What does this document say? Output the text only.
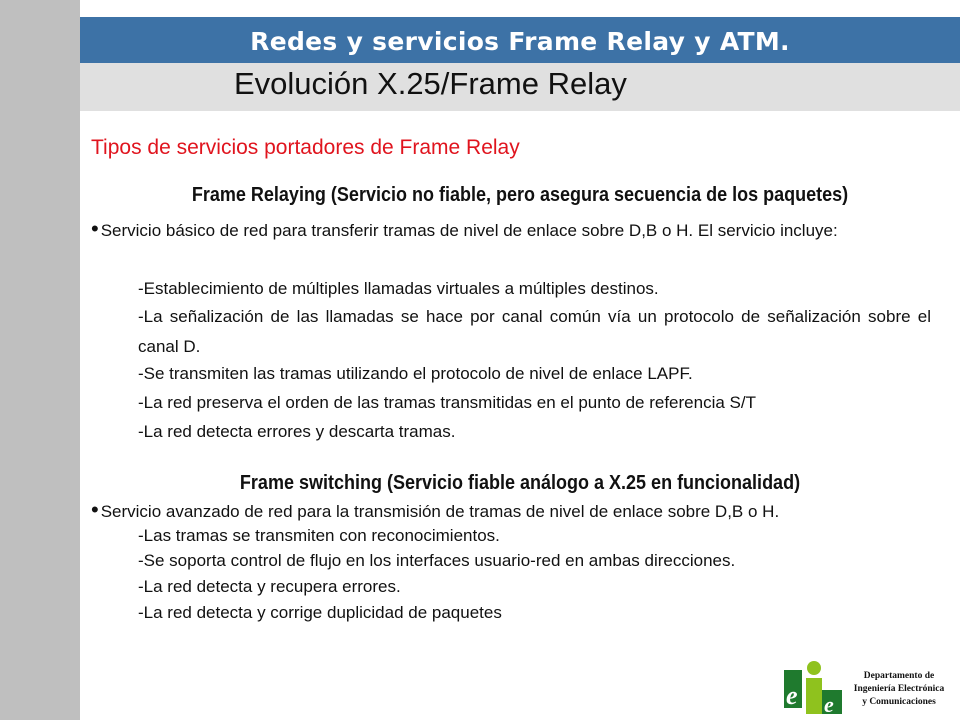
Redes y servicios Frame Relay y ATM.
Evolución X.25/Frame Relay
Tipos de servicios portadores de Frame Relay
Frame Relaying (Servicio no fiable, pero asegura secuencia de los paquetes)
• Servicio básico de red para transferir tramas de nivel de enlace sobre D,B o H. El servicio incluye:
-Establecimiento de múltiples llamadas virtuales a múltiples destinos.
-La señalización de las llamadas se hace por canal común vía un protocolo de señalización sobre el canal D.
-Se transmiten las tramas utilizando el protocolo de nivel de enlace LAPF.
-La red preserva el orden de las tramas transmitidas en el punto de referencia S/T
-La red detecta errores y descarta tramas.
Frame switching (Servicio fiable análogo a X.25 en funcionalidad)
• Servicio avanzado de red para la transmisión de tramas de nivel de enlace sobre D,B o H.
-Las tramas se transmiten con reconocimientos.
-Se soporta control de flujo en los interfaces usuario-red en ambas direcciones.
-La red detecta y recupera errores.
-La red detecta y corrige duplicidad de paquetes
e e
Departamento de
Ingeniería Electrónica
y Comunicaciones
